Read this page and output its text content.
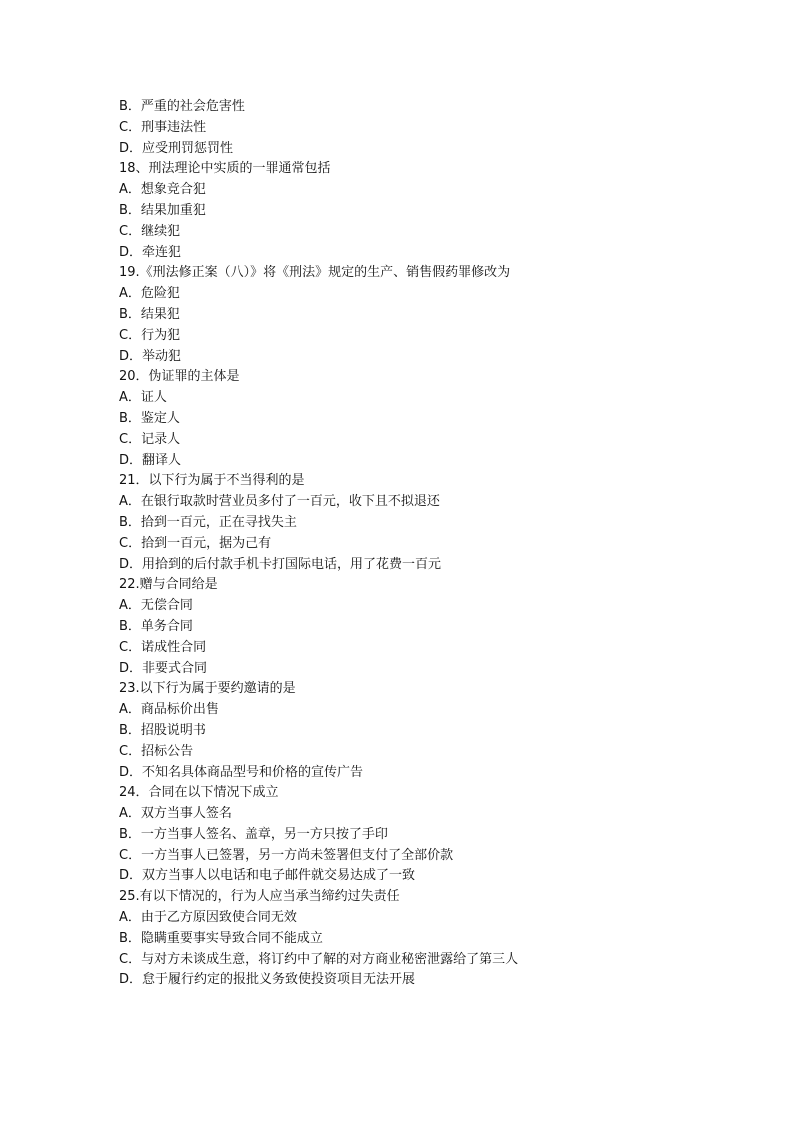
B．严重的社会危害性
C．刑事违法性
D．应受刑罚惩罚性
18、刑法理论中实质的一罪通常包括
A．想象竞合犯
B．结果加重犯
C．继续犯
D．牵连犯
19.《刑法修正案（八）》将《刑法》规定的生产、销售假药罪修改为
A．危险犯
B．结果犯
C．行为犯
D．举动犯
20．伪证罪的主体是
A．证人
B．鉴定人
C．记录人
D．翻译人
21．以下行为属于不当得利的是
A．在银行取款时营业员多付了一百元，收下且不拟退还
B．拾到一百元，正在寻找失主
C．拾到一百元，据为己有
D．用拾到的后付款手机卡打国际电话，用了花费一百元
22.赠与合同给是
A．无偿合同
B．单务合同
C．诺成性合同
D．非要式合同
23.以下行为属于要约邀请的是
A．商品标价出售
B．招股说明书
C．招标公告
D．不知名具体商品型号和价格的宣传广告
24．合同在以下情况下成立
A．双方当事人签名
B．一方当事人签名、盖章，另一方只按了手印
C．一方当事人已签署，另一方尚未签署但支付了全部价款
D．双方当事人以电话和电子邮件就交易达成了一致
25.有以下情况的，行为人应当承当缔约过失责任
A．由于乙方原因致使合同无效
B．隐瞒重要事实导致合同不能成立
C．与对方未谈成生意，将订约中了解的对方商业秘密泄露给了第三人
D．怠于履行约定的报批义务致使投资项目无法开展
